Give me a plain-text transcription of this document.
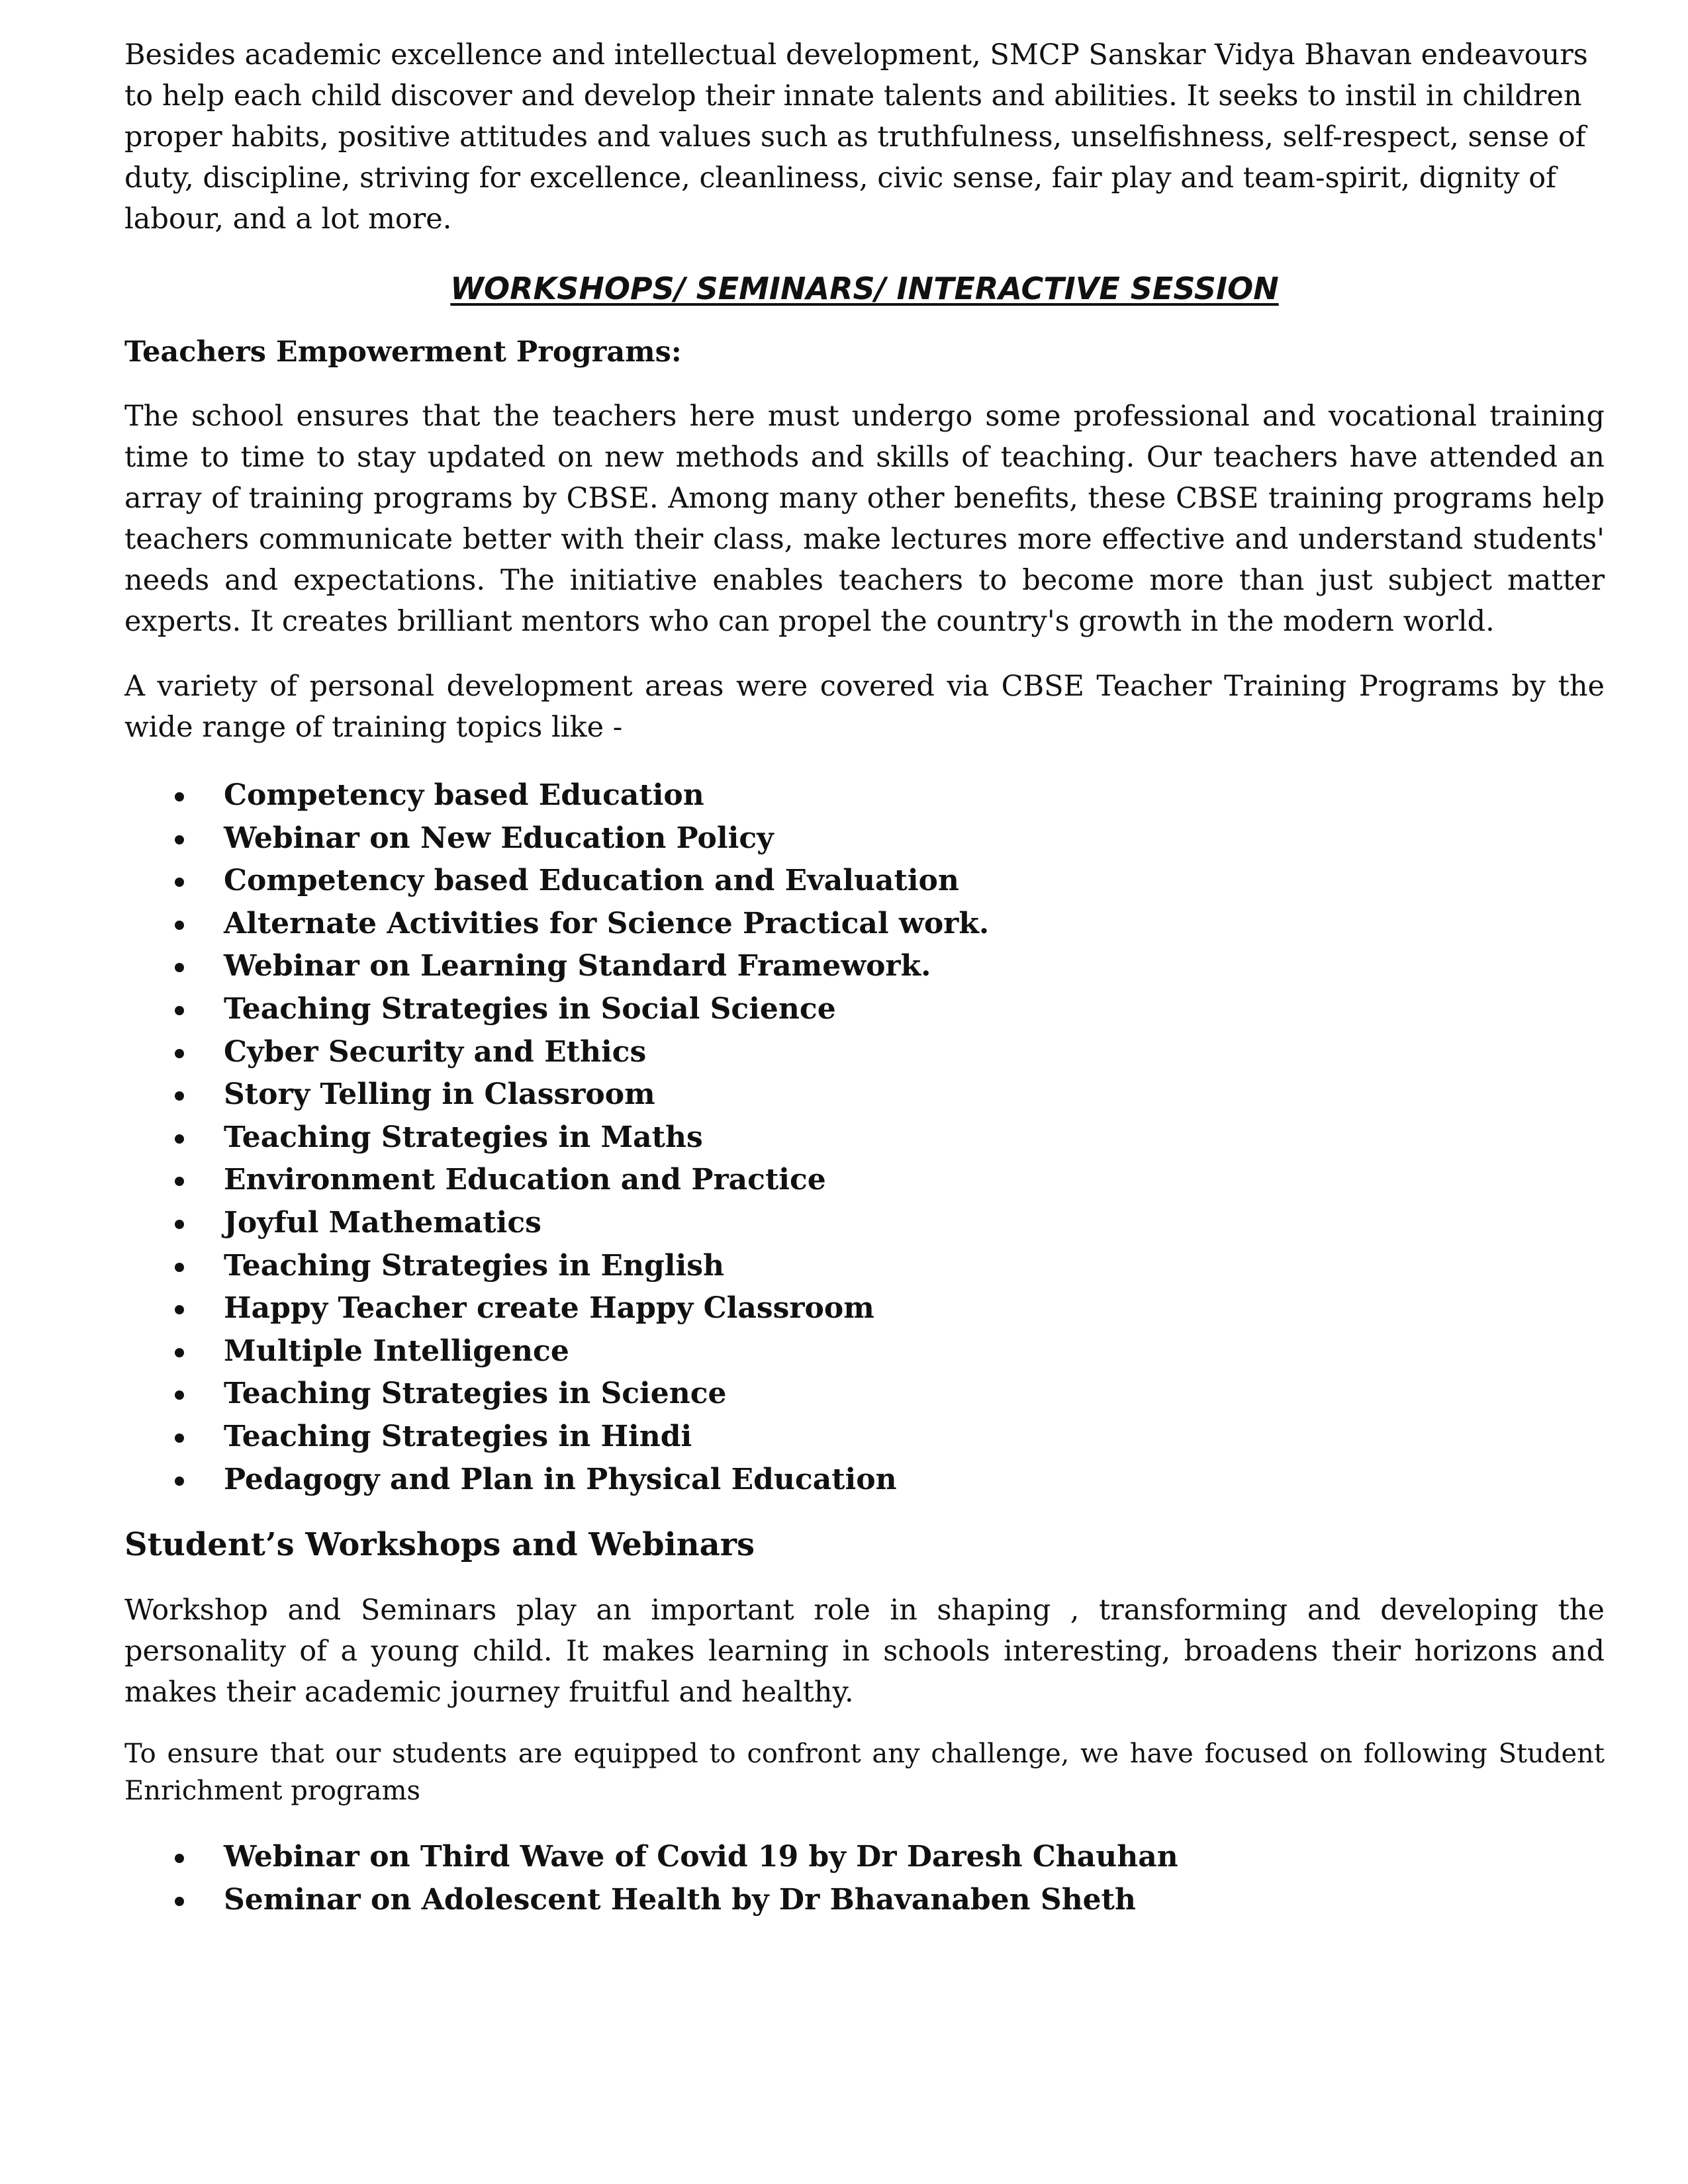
Besides academic excellence and intellectual development, SMCP Sanskar Vidya Bhavan endeavours to help each child discover and develop their innate talents and abilities. It seeks to instil in children proper habits, positive attitudes and values such as truthfulness, unselfishness, self-respect, sense of duty, discipline, striving for excellence, cleanliness, civic sense, fair play and team-spirit, dignity of labour, and a lot more.

WORKSHOPS/ SEMINARS/ INTERACTIVE SESSION
Teachers Empowerment Programs:

The school ensures that the teachers here must undergo some professional and vocational training time to time to stay updated on new methods and skills of teaching. Our teachers have attended an array of training programs by CBSE. Among many other benefits, these CBSE training programs help teachers communicate better with their class, make lectures more effective and understand students' needs and expectations. The initiative enables teachers to become more than just subject matter experts. It creates brilliant mentors who can propel the country's growth in the modern world.

A variety of personal development areas were covered via CBSE Teacher Training Programs by the wide range of training topics like -

Competency based Education
Webinar on New Education Policy
Competency based Education and Evaluation
Alternate Activities for Science Practical work.
Webinar on Learning Standard Framework.
Teaching Strategies in Social Science
Cyber Security and Ethics
Story Telling in Classroom
Teaching Strategies in Maths
Environment Education and Practice
Joyful Mathematics
Teaching Strategies in English
Happy Teacher create Happy Classroom
Multiple Intelligence
Teaching Strategies in Science
Teaching Strategies in Hindi
Pedagogy and Plan in Physical Education
Student’s Workshops and Webinars

Workshop and Seminars play an important role in shaping , transforming and developing the personality of a young child. It makes learning in schools interesting, broadens their horizons and makes their academic journey fruitful and healthy.

To ensure that our students are equipped to confront any challenge, we have focused on following Student Enrichment programs

Webinar on Third Wave of Covid 19 by Dr Daresh Chauhan
Seminar on Adolescent Health by Dr Bhavanaben Sheth
